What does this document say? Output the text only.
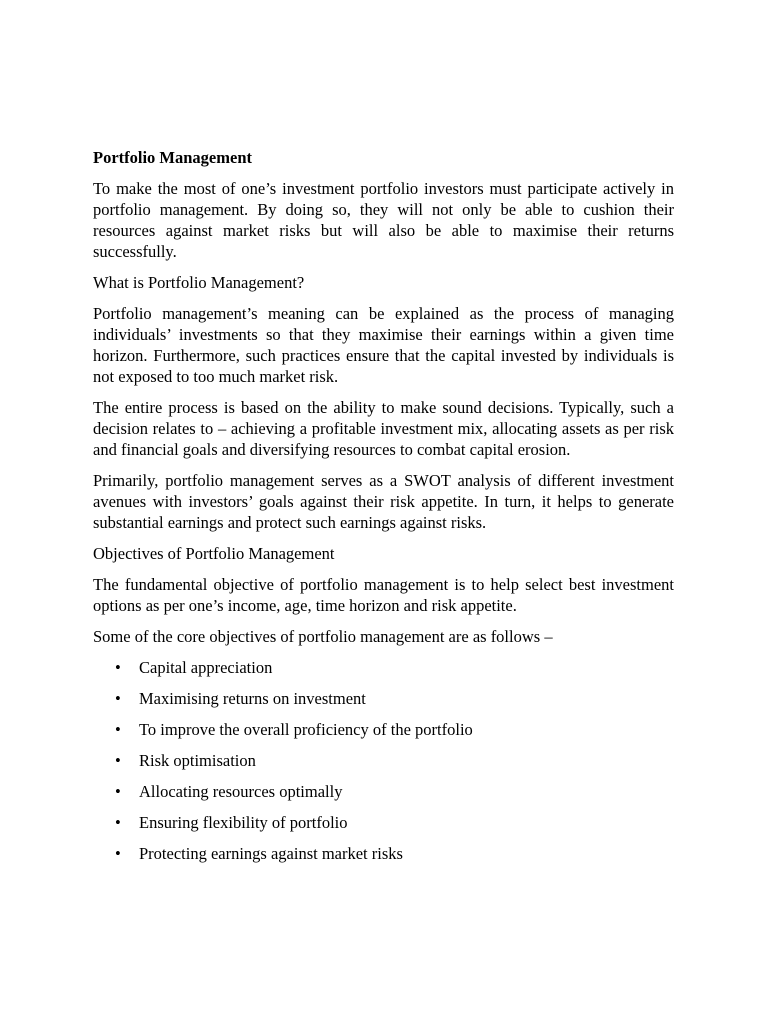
Portfolio Management
To make the most of one’s investment portfolio investors must participate actively in portfolio management. By doing so, they will not only be able to cushion their resources against market risks but will also be able to maximise their returns successfully.
What is Portfolio Management?
Portfolio management’s meaning can be explained as the process of managing individuals’ investments so that they maximise their earnings within a given time horizon. Furthermore, such practices ensure that the capital invested by individuals is not exposed to too much market risk.
The entire process is based on the ability to make sound decisions. Typically, such a decision relates to – achieving a profitable investment mix, allocating assets as per risk and financial goals and diversifying resources to combat capital erosion.
Primarily, portfolio management serves as a SWOT analysis of different investment avenues with investors’ goals against their risk appetite. In turn, it helps to generate substantial earnings and protect such earnings against risks.
Objectives of Portfolio Management
The fundamental objective of portfolio management is to help select best investment options as per one’s income, age, time horizon and risk appetite.
Some of the core objectives of portfolio management are as follows –
• Capital appreciation
• Maximising returns on investment
• To improve the overall proficiency of the portfolio
• Risk optimisation
• Allocating resources optimally
• Ensuring flexibility of portfolio
• Protecting earnings against market risks
